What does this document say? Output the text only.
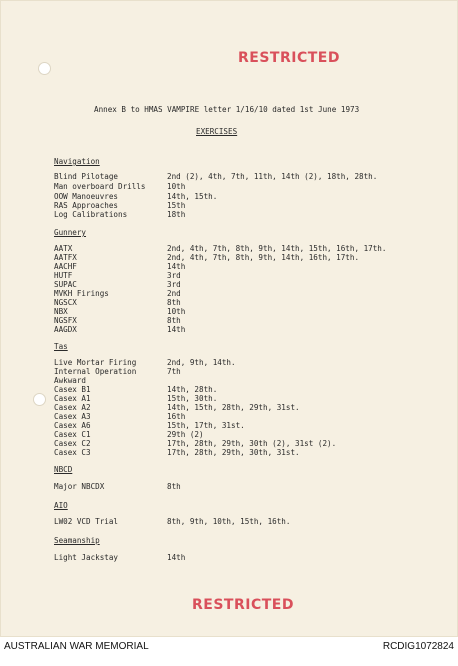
RESTRICTED
Annex B to HMAS VAMPIRE letter 1/16/10 dated 1st June 1973
EXERCISES
Navigation
Blind Pilotage	2nd (2), 4th, 7th, 11th, 14th (2), 18th, 28th.
Man overboard Drills	10th
OOW Manoeuvres	14th, 15th.
RAS Approaches	15th
Log Calibrations	18th
Gunnery
AATX	2nd, 4th, 7th, 8th, 9th, 14th, 15th, 16th, 17th.
AATFX	2nd, 4th, 7th, 8th, 9th, 14th, 16th, 17th.
AACHF	14th
HUTF	3rd
SUPAC	3rd
MVKH Firings	2nd
NGSCX	8th
NBX	10th
NGSFX	8th
AAGDX	14th
Tas
Live Mortar Firing	2nd, 9th, 14th.
Internal Operation	7th
Awkward
Casex B1	14th, 28th.
Casex A1	15th, 30th.
Casex A2	14th, 15th, 28th, 29th, 31st.
Casex A3	16th
Casex A6	15th, 17th, 31st.
Casex C1	29th (2)
Casex C2	17th, 28th, 29th, 30th (2), 31st (2).
Casex C3	17th, 28th, 29th, 30th, 31st.
NBCD
Major NBCDX	8th
AIO
LW02 VCD Trial	8th, 9th, 10th, 15th, 16th.
Seamanship
Light Jackstay	14th
RESTRICTED
AUSTRALIAN WAR MEMORIAL	RCDIG1072824
